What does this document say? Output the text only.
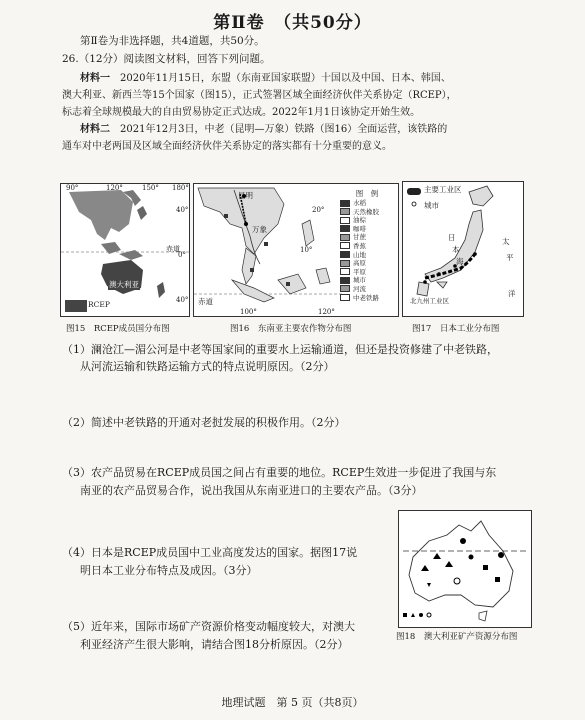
第Ⅱ卷　（共50分）
第Ⅱ卷为非选择题，共4道题，共50分。
26.（12分）阅读图文材料，回答下列问题。
材料一　 2020年11月15日，东盟（东南亚国家联盟）十国以及中国、日本、韩国、
澳大利亚、新西兰等15个国家（图15），正式签署区域全面经济伙伴关系协定（RCEP），
标志着全球规模最大的自由贸易协定正式达成。2022年1月1日该协定开始生效。
材料二　 2021年12月3日，中老（昆明—万象）铁路（图16）全面运营，该铁路的
通车对中老两国及区域全面经济伙伴关系协定的落实都有十分重要的意义。
90°	120°	150° 180°
40°
0°
40°
赤道
澳大利亚
RCEP
图15　RCEP成员国分布图
昆明
万象
赤道
100°	120°
20°
10°
图　例
水稻
天然橡胶
油棕
咖啡
甘蔗
香蕉
山地
高原
平原
城市
河流
中老铁路
图16　东南亚主要农作物分布图
主要工业区
城市
日
本
海
太
平
洋
北九州工业区
图17　日本工业分布图
（1）澜沧江—湄公河是中老等国家间的重要水上运输通道，但还是投资修建了中老铁路，
从河流运输和铁路运输方式的特点说明原因。（2分）
（2）简述中老铁路的开通对老挝发展的积极作用。（2分）
（3）农产品贸易在RCEP成员国之间占有重要的地位。RCEP生效进一步促进了我国与东
南亚的农产品贸易合作，说出我国从东南亚进口的主要农产品。（3分）
（4）日本是RCEP成员国中工业高度发达的国家。据图17说
明日本工业分布特点及成因。（3分）
（5）近年来，国际市场矿产资源价格变动幅度较大，对澳大
利亚经济产生很大影响，请结合图18分析原因。（2分）
图18　澳大利亚矿产资源分布图
地理试题　第 5 页（共8页）
